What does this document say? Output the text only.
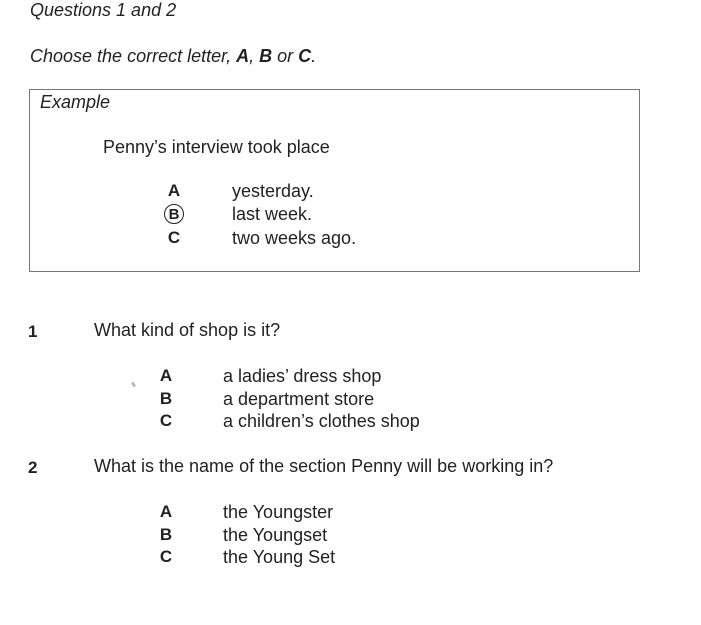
Questions 1 and 2
Choose the correct letter, A, B or C.
Example
Penny’s interview took place
A	yesterday.
B	last week.
C	two weeks ago.
1	What kind of shop is it?
A	a ladies’ dress shop
B	a department store
C	a children’s clothes shop
2	What is the name of the section Penny will be working in?
A	the Youngster
B	the Youngset
C	the Young Set
